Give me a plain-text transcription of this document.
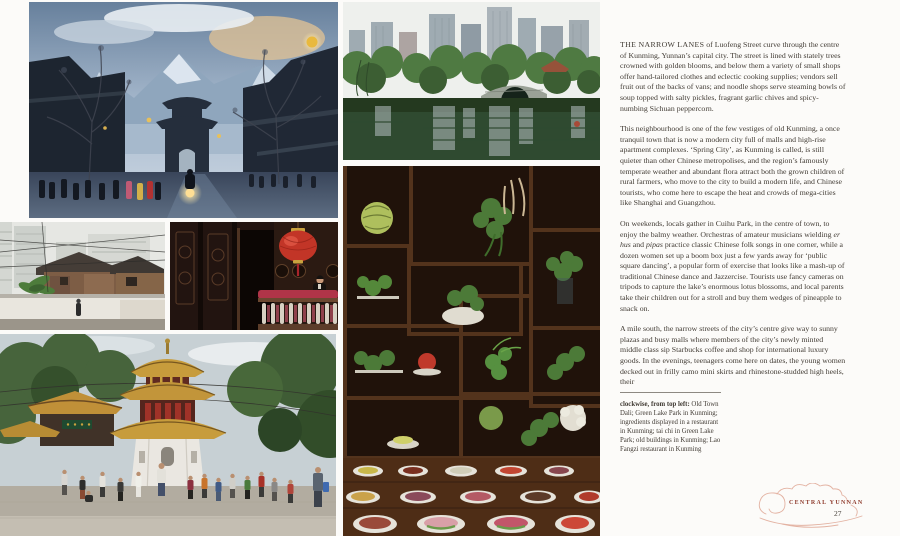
THE NARROW LANES of Luofeng Street curve through the centre of Kunming, Yunnan’s capital city. The street is lined with stately trees crowned with golden blooms, and below them a variety of small shops offer hand-tailored clothes and eclectic cooking supplies; vendors sell fruit out of the backs of vans; and noodle shops serve steaming bowls of soup topped with salty pickles, fragrant garlic chives and spicy-numbing Sichuan peppercorn.

This neighbourhood is one of the few vestiges of old Kunming, a once tranquil town that is now a modern city full of malls and high-rise apartment complexes. ‘Spring City’, as Kunming is called, is still quieter than other Chinese metropolises, and the region’s famously temperate weather and abundant flora attract both the grown children of rural farmers, who move to the city to build a modern life, and Chinese tourists, who come here to escape the heat and crowds of mega-cities like Shanghai and Guangzhou.

On weekends, locals gather in Cuihu Park, in the centre of town, to enjoy the balmy weather. Orchestras of amateur musicians wielding er hus and pipas practice classic Chinese folk songs in one corner, while a dozen women set up a boom box just a few yards away for ‘public square dancing’, a popular form of exercise that looks like a mash-up of traditional Chinese dance and Jazzercise. Tourists use fancy cameras on tripods to capture the lake’s enormous lotus blossoms, and local parents take their children out for a stroll and buy them wedges of pineapple to snack on.

A mile south, the narrow streets of the city’s centre give way to sunny plazas and busy malls where members of the city’s newly minted middle class sip Starbucks coffee and shop for international luxury goods. In the evenings, teenagers come here on dates, the young women decked out in frilly camo mini skirts and rhinestone-studded high heels, their

clockwise, from top left: Old Town Dali; Green Lake Park in Kunming; ingredients displayed in a restaurant in Kunming; tai chi in Green Lake Park; old buildings in Kunming; Lao Fangzi restaurant in Kunming

CENTRAL YUNNAN
27
